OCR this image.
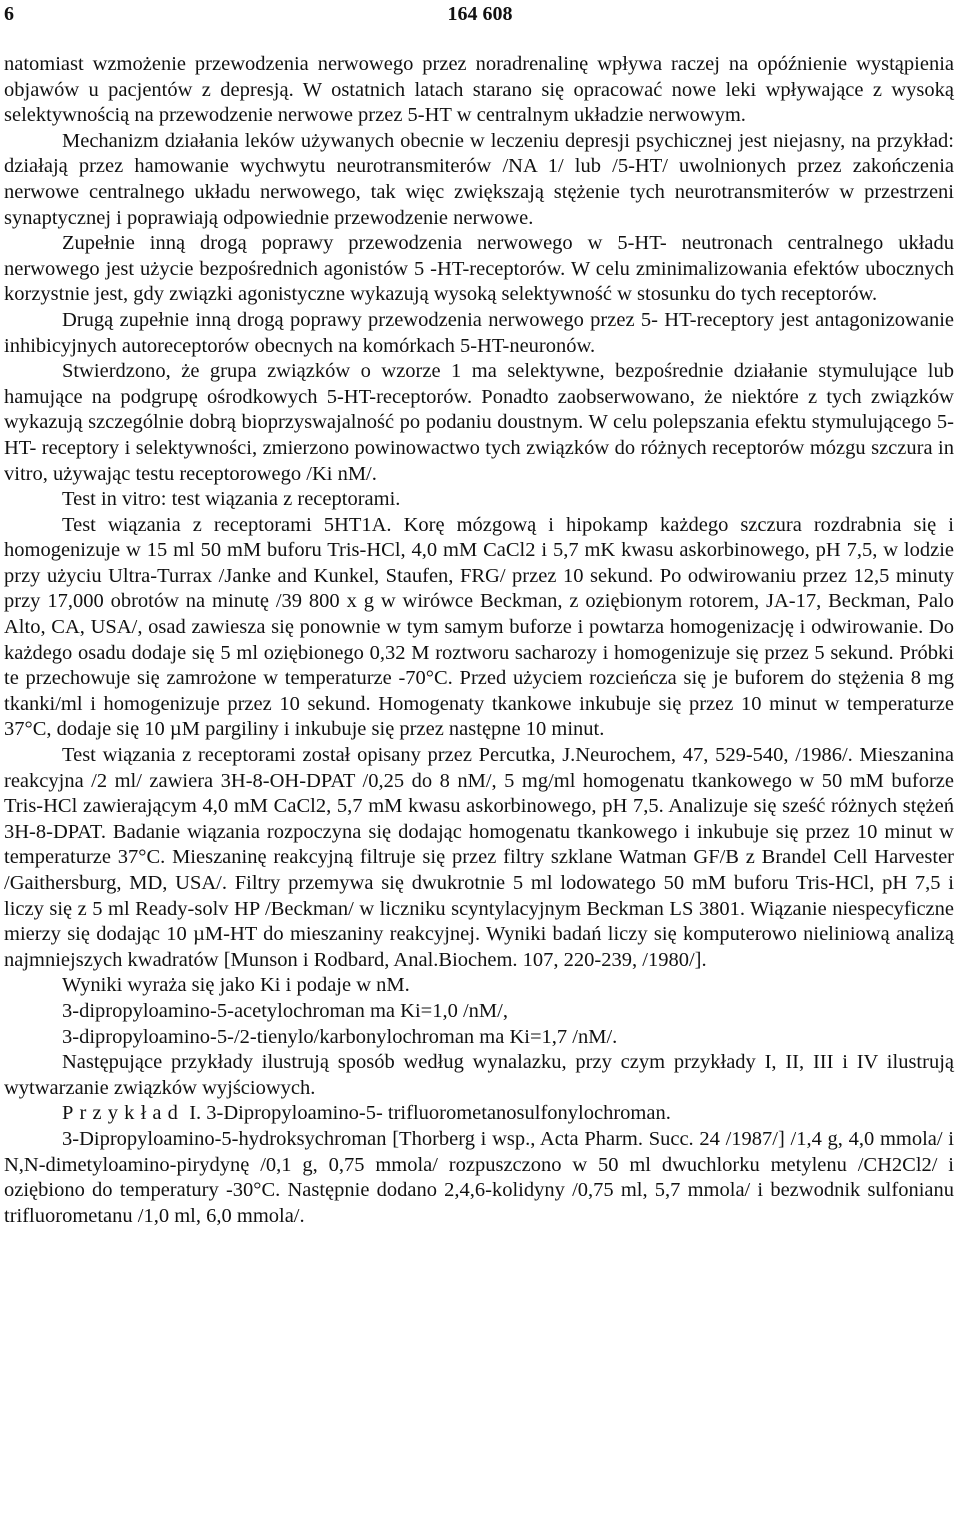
6	164 608

natomiast wzmożenie przewodzenia nerwowego przez noradrenalinę wpływa raczej na opóźnienie wystąpienia objawów u pacjentów z depresją. W ostatnich latach starano się opracować nowe leki wpływające z wysoką selektywnością na przewodzenie nerwowe przez 5-HT w centralnym układzie nerwowym.

Mechanizm działania leków używanych obecnie w leczeniu depresji psychicznej jest niejasny, na przykład: działają przez hamowanie wychwytu neurotransmiterów /NA 1/ lub /5-HT/ uwolnionych przez zakończenia nerwowe centralnego układu nerwowego, tak więc zwiększają stężenie tych neurotransmiterów w przestrzeni synaptycznej i poprawiają odpowiednie przewodzenie nerwowe.

Zupełnie inną drogą poprawy przewodzenia nerwowego w 5-HT- neutronach centralnego układu nerwowego jest użycie bezpośrednich agonistów 5 -HT-receptorów. W celu zminimalizowania efektów ubocznych korzystnie jest, gdy związki agonistyczne wykazują wysoką selektywność w stosunku do tych receptorów.

Drugą zupełnie inną drogą poprawy przewodzenia nerwowego przez 5- HT-receptory jest antagonizowanie inhibicyjnych autoreceptorów obecnych na komórkach 5-HT-neuronów.

Stwierdzono, że grupa związków o wzorze 1 ma selektywne, bezpośrednie działanie stymulujące lub hamujące na podgrupę ośrodkowych 5-HT-receptorów. Ponadto zaobserwowano, że niektóre z tych związków wykazują szczególnie dobrą bioprzyswajalność po podaniu doustnym. W celu polepszania efektu stymulującego 5-HT- receptory i selektywności, zmierzono powinowactwo tych związków do różnych receptorów mózgu szczura in vitro, używając testu receptorowego /Ki nM/.

Test in vitro: test wiązania z receptorami.

Test wiązania z receptorami 5HT1A. Korę mózgową i hipokamp każdego szczura rozdrabnia się i homogenizuje w 15 ml 50 mM buforu Tris-HCl, 4,0 mM CaCl2 i 5,7 mK kwasu askorbinowego, pH 7,5, w lodzie przy użyciu Ultra-Turrax /Janke and Kunkel, Staufen, FRG/ przez 10 sekund. Po odwirowaniu przez 12,5 minuty przy 17,000 obrotów na minutę /39 800 x g w wirówce Beckman, z oziębionym rotorem, JA-17, Beckman, Palo Alto, CA, USA/, osad zawiesza się ponownie w tym samym buforze i powtarza homogenizację i odwirowanie. Do każdego osadu dodaje się 5 ml oziębionego 0,32 M roztworu sacharozy i homogenizuje się przez 5 sekund. Próbki te przechowuje się zamrożone w temperaturze -70°C. Przed użyciem rozcieńcza się je buforem do stężenia 8 mg tkanki/ml i homogenizuje przez 10 sekund. Homogenaty tkankowe inkubuje się przez 10 minut w temperaturze 37°C, dodaje się 10 µM pargiliny i inkubuje się przez następne 10 minut.

Test wiązania z receptorami został opisany przez Percutka, J.Neurochem, 47, 529-540, /1986/. Mieszanina reakcyjna /2 ml/ zawiera 3H-8-OH-DPAT /0,25 do 8 nM/, 5 mg/ml homogenatu tkankowego w 50 mM buforze Tris-HCl zawierającym 4,0 mM CaCl2, 5,7 mM kwasu askorbinowego, pH 7,5. Analizuje się sześć różnych stężeń 3H-8-DPAT. Badanie wiązania rozpoczyna się dodając homogenatu tkankowego i inkubuje się przez 10 minut w temperaturze 37°C. Mieszaninę reakcyjną filtruje się przez filtry szklane Watman GF/B z Brandel Cell Harvester /Gaithersburg, MD, USA/. Filtry przemywa się dwukrotnie 5 ml lodowatego 50 mM buforu Tris-HCl, pH 7,5 i liczy się z 5 ml Ready-solv HP /Beckman/ w liczniku scyntylacyjnym Beckman LS 3801. Wiązanie niespecyficzne mierzy się dodając 10 µM-HT do mieszaniny reakcyjnej. Wyniki badań liczy się komputerowo nieliniową analizą najmniejszych kwadratów [Munson i Rodbard, Anal.Biochem. 107, 220-239, /1980/].

Wyniki wyraża się jako Ki i podaje w nM.

3-dipropyloamino-5-acetylochroman ma Ki=1,0 /nM/,

3-dipropyloamino-5-/2-tienylo/karbonylochroman ma Ki=1,7 /nM/.

Następujące przykłady ilustrują sposób według wynalazku, przy czym przykłady I, II, III i IV ilustrują wytwarzanie związków wyjściowych.

Przykład I. 3-Dipropyloamino-5- trifluorometanosulfonylochroman.

3-Dipropyloamino-5-hydroksychroman [Thorberg i wsp., Acta Pharm. Succ. 24 /1987/] /1,4 g, 4,0 mmola/ i N,N-dimetyloamino-pirydynę /0,1 g, 0,75 mmola/ rozpuszczono w 50 ml dwuchlorku metylenu /CH2Cl2/ i oziębiono do temperatury -30°C. Następnie dodano 2,4,6-kolidyny /0,75 ml, 5,7 mmola/ i bezwodnik sulfonianu trifluorometanu /1,0 ml, 6,0 mmola/.
